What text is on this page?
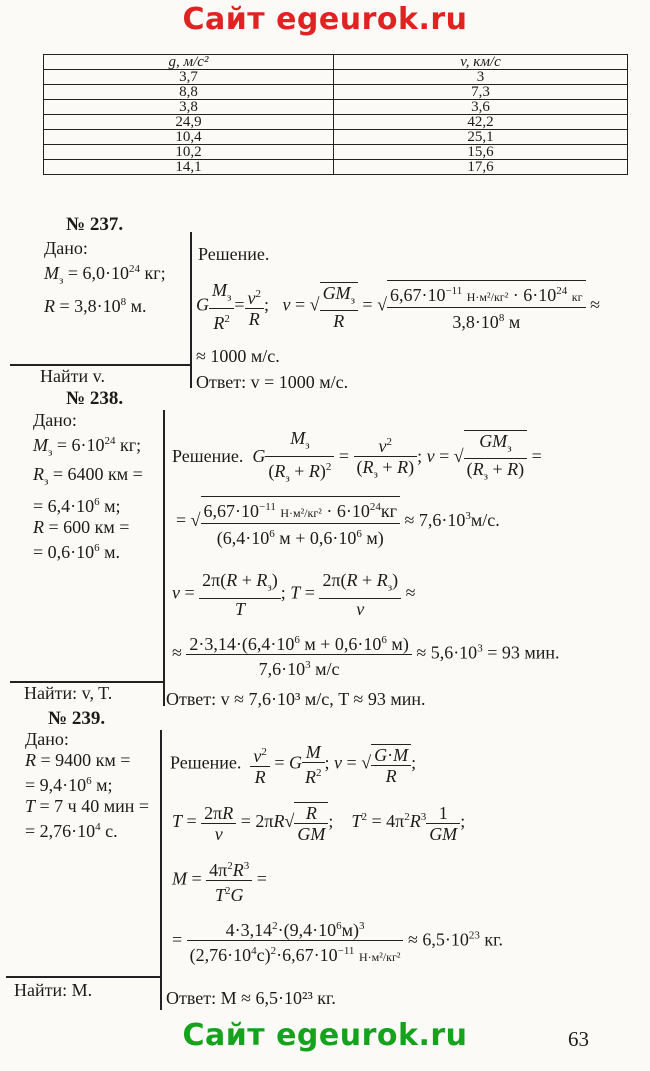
Сайт egeurok.ru
g, м/с²	v, км/с
3,7	3
8,8	7,3
3,8	3,6
24,9	42,2
10,4	25,1
10,2	15,6
14,1	17,6
№ 237.
Дано:
$M_з = 6,0\cdot 10^{24}$ кг;
$R = 3,8\cdot 10^8$ м.
Найти v.
Решение.
G $\frac{M_з}{R^2} = \frac{v^2}{R}$ ;   v = √ $\frac{GM_з}{R}$ = √ $\frac{6,67\cdot 10^{-11} Н\cdot м^2/кг^2 \cdot 6\cdot 10^{24} кг}{3,8\cdot 10^8 м}$ ≈
≈ 1000 м/с.
Ответ: v = 1000 м/с.
№ 238.
Дано:
$M_з = 6\cdot 10^{24}$ кг;
$R_з = 6400$ км =
= $6,4\cdot 10^6$ м;
R = 600 км =
= $0,6\cdot 10^6$ м.
Найти: v, T.
Решение. G $\frac{M_з}{(R_з + R)^2} = \frac{v^2}{(R_з + R)}$ ; v = √ $\frac{GM_з}{(R_з + R)}$ =
= √ $\frac{6,67\cdot 10^{-11} Н\cdot м^2/кг^2 \cdot 6\cdot 10^{24}кг}{(6,4\cdot 10^6 м + 0,6\cdot 10^6 м)} \approx 7,6\cdot 10^3м/с$.
$v = \frac{2\pi(R + R_з)}{T}$ ; $T = \frac{2\pi(R + R_з)}{v}$ ≈
≈ $\frac{2\cdot 3,14\cdot(6,4\cdot 10^6 м + 0,6\cdot 10^6 м)}{7,6\cdot 10^3 м/с} \approx 5,6\cdot 10^3 = 93$ мин.
Ответ: v ≈ 7,6·10³ м/с, T ≈ 93 мин.
№ 239.
Дано:
R = 9400 км =
= $9,4\cdot 10^6$ м;
T = 7 ч 40 мин =
= $2,76\cdot 10^4$ с.
Найти: M.
Решение. $\frac{v^2}{R} = G \frac{M}{R^2}$ ; v = √ $\frac{G\cdot M}{R}$ ;
$T = \frac{2\pi R}{v} = 2\pi R√ \frac{R}{GM}$ ;    $T^2 = 4\pi^2R^3 \frac{1}{GM}$ ;
$M = \frac{4\pi^2R^3}{T^2G}$ =
= $\frac{4\cdot 3,14^2\cdot(9,4\cdot 10^6м)^3}{(2,76\cdot 10^4с)^2\cdot 6,67\cdot 10^{-11} Н\cdot м^2/кг^2} \approx 6,5\cdot 10^{23}$ кг.
Ответ: M ≈ 6,5·10²³ кг.
Сайт egeurok.ru	63
